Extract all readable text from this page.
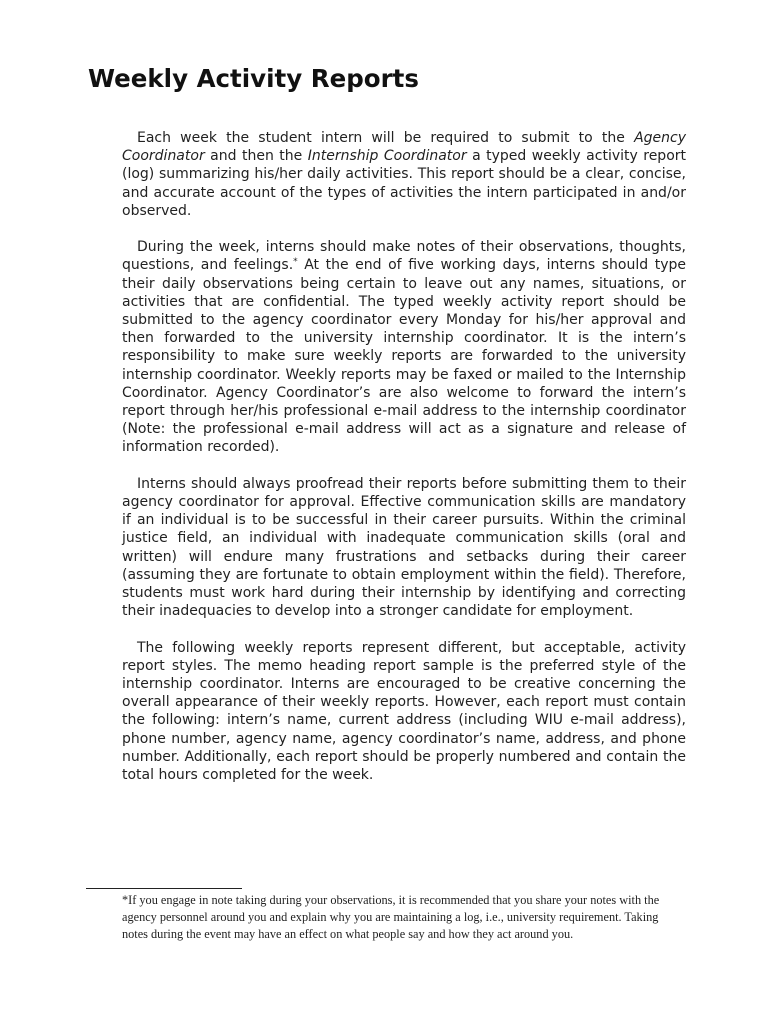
Weekly Activity Reports

Each week the student intern will be required to submit to the Agency Coordinator and then the Internship Coordinator a typed weekly activity report (log) summarizing his/her daily activities. This report should be a clear, concise, and accurate account of the types of activities the intern participated in and/or observed.

During the week, interns should make notes of their observations, thoughts, questions, and feelings.* At the end of five working days, interns should type their daily observations being certain to leave out any names, situations, or activities that are confidential. The typed weekly activity report should be submitted to the agency coordinator every Monday for his/her approval and then forwarded to the university internship coordinator. It is the intern’s responsibility to make sure weekly reports are forwarded to the university internship coordinator. Weekly reports may be faxed or mailed to the Internship Coordinator. Agency Coordinator’s are also welcome to forward the intern’s report through her/his professional e-mail address to the internship coordinator (Note: the professional e-mail address will act as a signature and release of information recorded).

Interns should always proofread their reports before submitting them to their agency coordinator for approval. Effective communication skills are mandatory if an individual is to be successful in their career pursuits. Within the criminal justice field, an individual with inadequate communication skills (oral and written) will endure many frustrations and setbacks during their career (assuming they are fortunate to obtain employment within the field). Therefore, students must work hard during their internship by identifying and correcting their inadequacies to develop into a stronger candidate for employment.

The following weekly reports represent different, but acceptable, activity report styles. The memo heading report sample is the preferred style of the internship coordinator. Interns are encouraged to be creative concerning the overall appearance of their weekly reports. However, each report must contain the following: intern’s name, current address (including WIU e-mail address), phone number, agency name, agency coordinator’s name, address, and phone number. Additionally, each report should be properly numbered and contain the total hours completed for the week.

*If you engage in note taking during your observations, it is recommended that you share your notes with the agency personnel around you and explain why you are maintaining a log, i.e., university requirement. Taking notes during the event may have an effect on what people say and how they act around you.
